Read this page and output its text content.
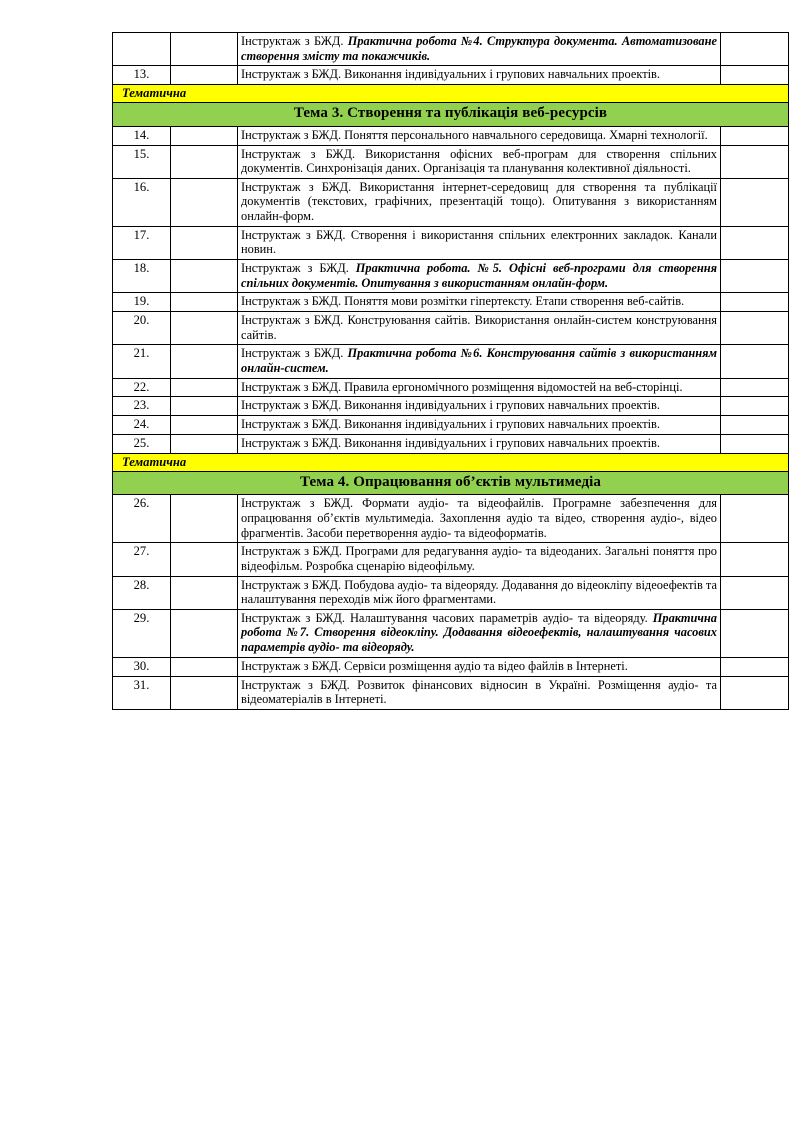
		Інструктаж з БЖД. Практична робота №4. Структура документа. Автоматизоване створення змісту та покажчиків.	
13.		Інструктаж з БЖД. Виконання індивідуальних і групових навчальних проектів.	
Тематична			
Тема 3. Створення та публікація веб-ресурсів			
14.		Інструктаж з БЖД. Поняття персонального навчального середовища. Хмарні технології.	
15.		Інструктаж з БЖД. Використання офісних веб-програм для створення спільних документів. Синхронізація даних. Організація та планування колективної діяльності.	
16.		Інструктаж з БЖД. Використання інтернет-середовищ для створення та публікації документів (текстових, графічних, презентацій тощо). Опитування з використанням онлайн-форм.	
17.		Інструктаж з БЖД. Створення і використання спільних електронних закладок. Канали новин.	
18.		Інструктаж з БЖД. Практична робота. №5. Офісні веб-програми для створення спільних документів. Опитування з використанням онлайн-форм.	
19.		Інструктаж з БЖД. Поняття мови розмітки гіпертексту. Етапи створення веб-сайтів.	
20.		Інструктаж з БЖД. Конструювання сайтів. Використання онлайн-систем конструювання сайтів.	
21.		Інструктаж з БЖД. Практична робота №6. Конструювання сайтів з використанням онлайн-систем.	
22.		Інструктаж з БЖД. Правила ергономічного розміщення відомостей на веб-сторінці.	
23.		Інструктаж з БЖД. Виконання індивідуальних і групових навчальних проектів.	
24.		Інструктаж з БЖД. Виконання індивідуальних і групових навчальних проектів.	
25.		Інструктаж з БЖД. Виконання індивідуальних і групових навчальних проектів.	
Тематична			
Тема 4. Опрацювання об’єктів мультимедіа			
26.		Інструктаж з БЖД. Формати аудіо- та відеофайлів. Програмне забезпечення для опрацювання об’єктів мультимедіа. Захоплення аудіо та відео, створення аудіо-, відео фрагментів. Засоби перетворення аудіо- та відеоформатів.	
27.		Інструктаж з БЖД. Програми для редагування аудіо- та відеоданих. Загальні поняття про відеофільм. Розробка сценарію відеофільму.	
28.		Інструктаж з БЖД. Побудова аудіо- та відеоряду. Додавання до відеокліпу відеоефектів та налаштування переходів між його фрагментами.	
29.		Інструктаж з БЖД. Налаштування часових параметрів аудіо- та відеоряду. Практична робота №7. Створення відеокліпу. Додавання відеоефектів, налаштування часових параметрів аудіо- та відеоряду.	
30.		Інструктаж з БЖД. Сервіси розміщення аудіо та відео файлів в Інтернеті.	
31.		Інструктаж з БЖД. Розвиток фінансових відносин в Україні. Розміщення аудіо- та відеоматеріалів в Інтернеті.	
